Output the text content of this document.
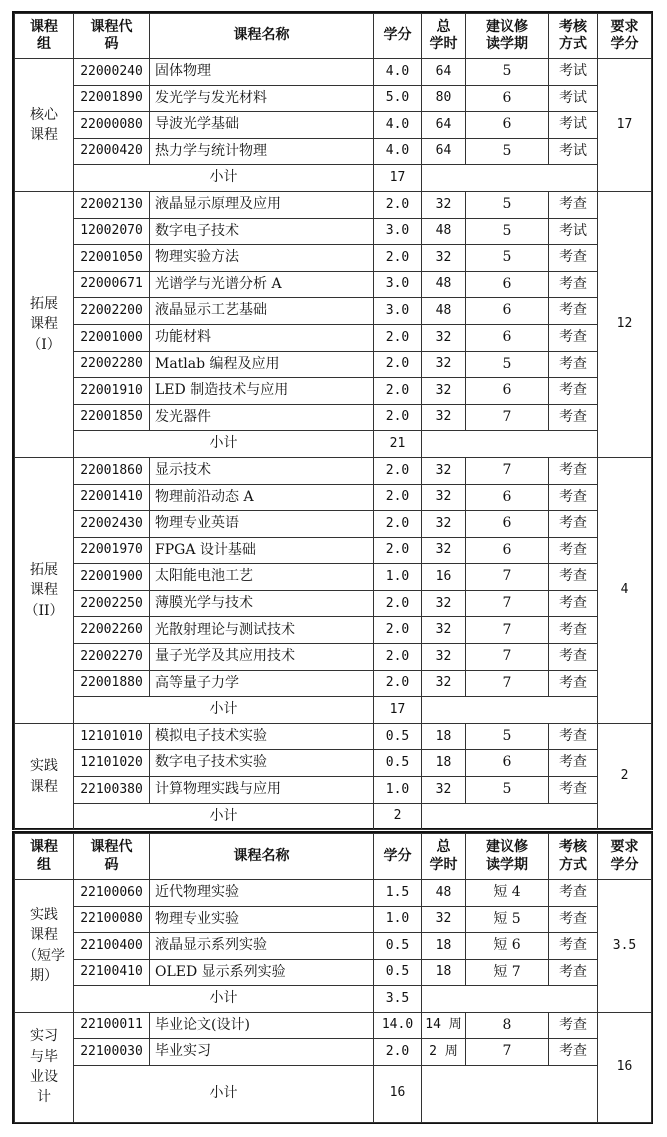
课程
组	课程代
码	课程名称	学分	总
学时	建议修
读学期	考核
方式	要求
学分

核心
课程	22000240	固体物理	4.0	64	5	考试	17
	22001890	发光学与发光材料	5.0	80	6	考试	
	22000080	导波光学基础	4.0	64	6	考试	
	22000420	热力学与统计物理	4.0	64	5	考试	
	小计		17				

拓展
课程
（I）	22002130	液晶显示原理及应用	2.0	32	5	考查	12
	12002070	数字电子技术	3.0	48	5	考试	
	22001050	物理实验方法	2.0	32	5	考查	
	22000671	光谱学与光谱分析 A	3.0	48	6	考查	
	22002200	液晶显示工艺基础	3.0	48	6	考查	
	22001000	功能材料	2.0	32	6	考查	
	22002280	Matlab 编程及应用	2.0	32	5	考查	
	22001910	LED 制造技术与应用	2.0	32	6	考查	
	22001850	发光器件	2.0	32	7	考查	
	小计		21				

拓展
课程
（II）	22001860	显示技术	2.0	32	7	考查	4
	22001410	物理前沿动态 A	2.0	32	6	考查	
	22002430	物理专业英语	2.0	32	6	考查	
	22001970	FPGA 设计基础	2.0	32	6	考查	
	22001900	太阳能电池工艺	1.0	16	7	考查	
	22002250	薄膜光学与技术	2.0	32	7	考查	
	22002260	光散射理论与测试技术	2.0	32	7	考查	
	22002270	量子光学及其应用技术	2.0	32	7	考查	
	22001880	高等量子力学	2.0	32	7	考查	
	小计		17				

实践
课程	12101010	模拟电子技术实验	0.5	18	5	考查	2
	12101020	数字电子技术实验	0.5	18	6	考查	
	22100380	计算物理实践与应用	1.0	32	5	考查	
	小计		2				
课程
组	课程代
码	课程名称	学分	总
学时	建议修
读学期	考核
方式	要求
学分

实践
课程
（短学
期）	22100060	近代物理实验	1.5	48	短 4	考查	3.5
	22100080	物理专业实验	1.0	32	短 5	考查	
	22100400	液晶显示系列实验	0.5	18	短 6	考查	
	22100410	OLED 显示系列实验	0.5	18	短 7	考查	
	小计		3.5				

实习
与毕
业设
计	22100011	毕业论文(设计)	14.0	14 周	8	考查	16
	22100030	毕业实习	2.0	2 周	7	考查	
	小计		16				
